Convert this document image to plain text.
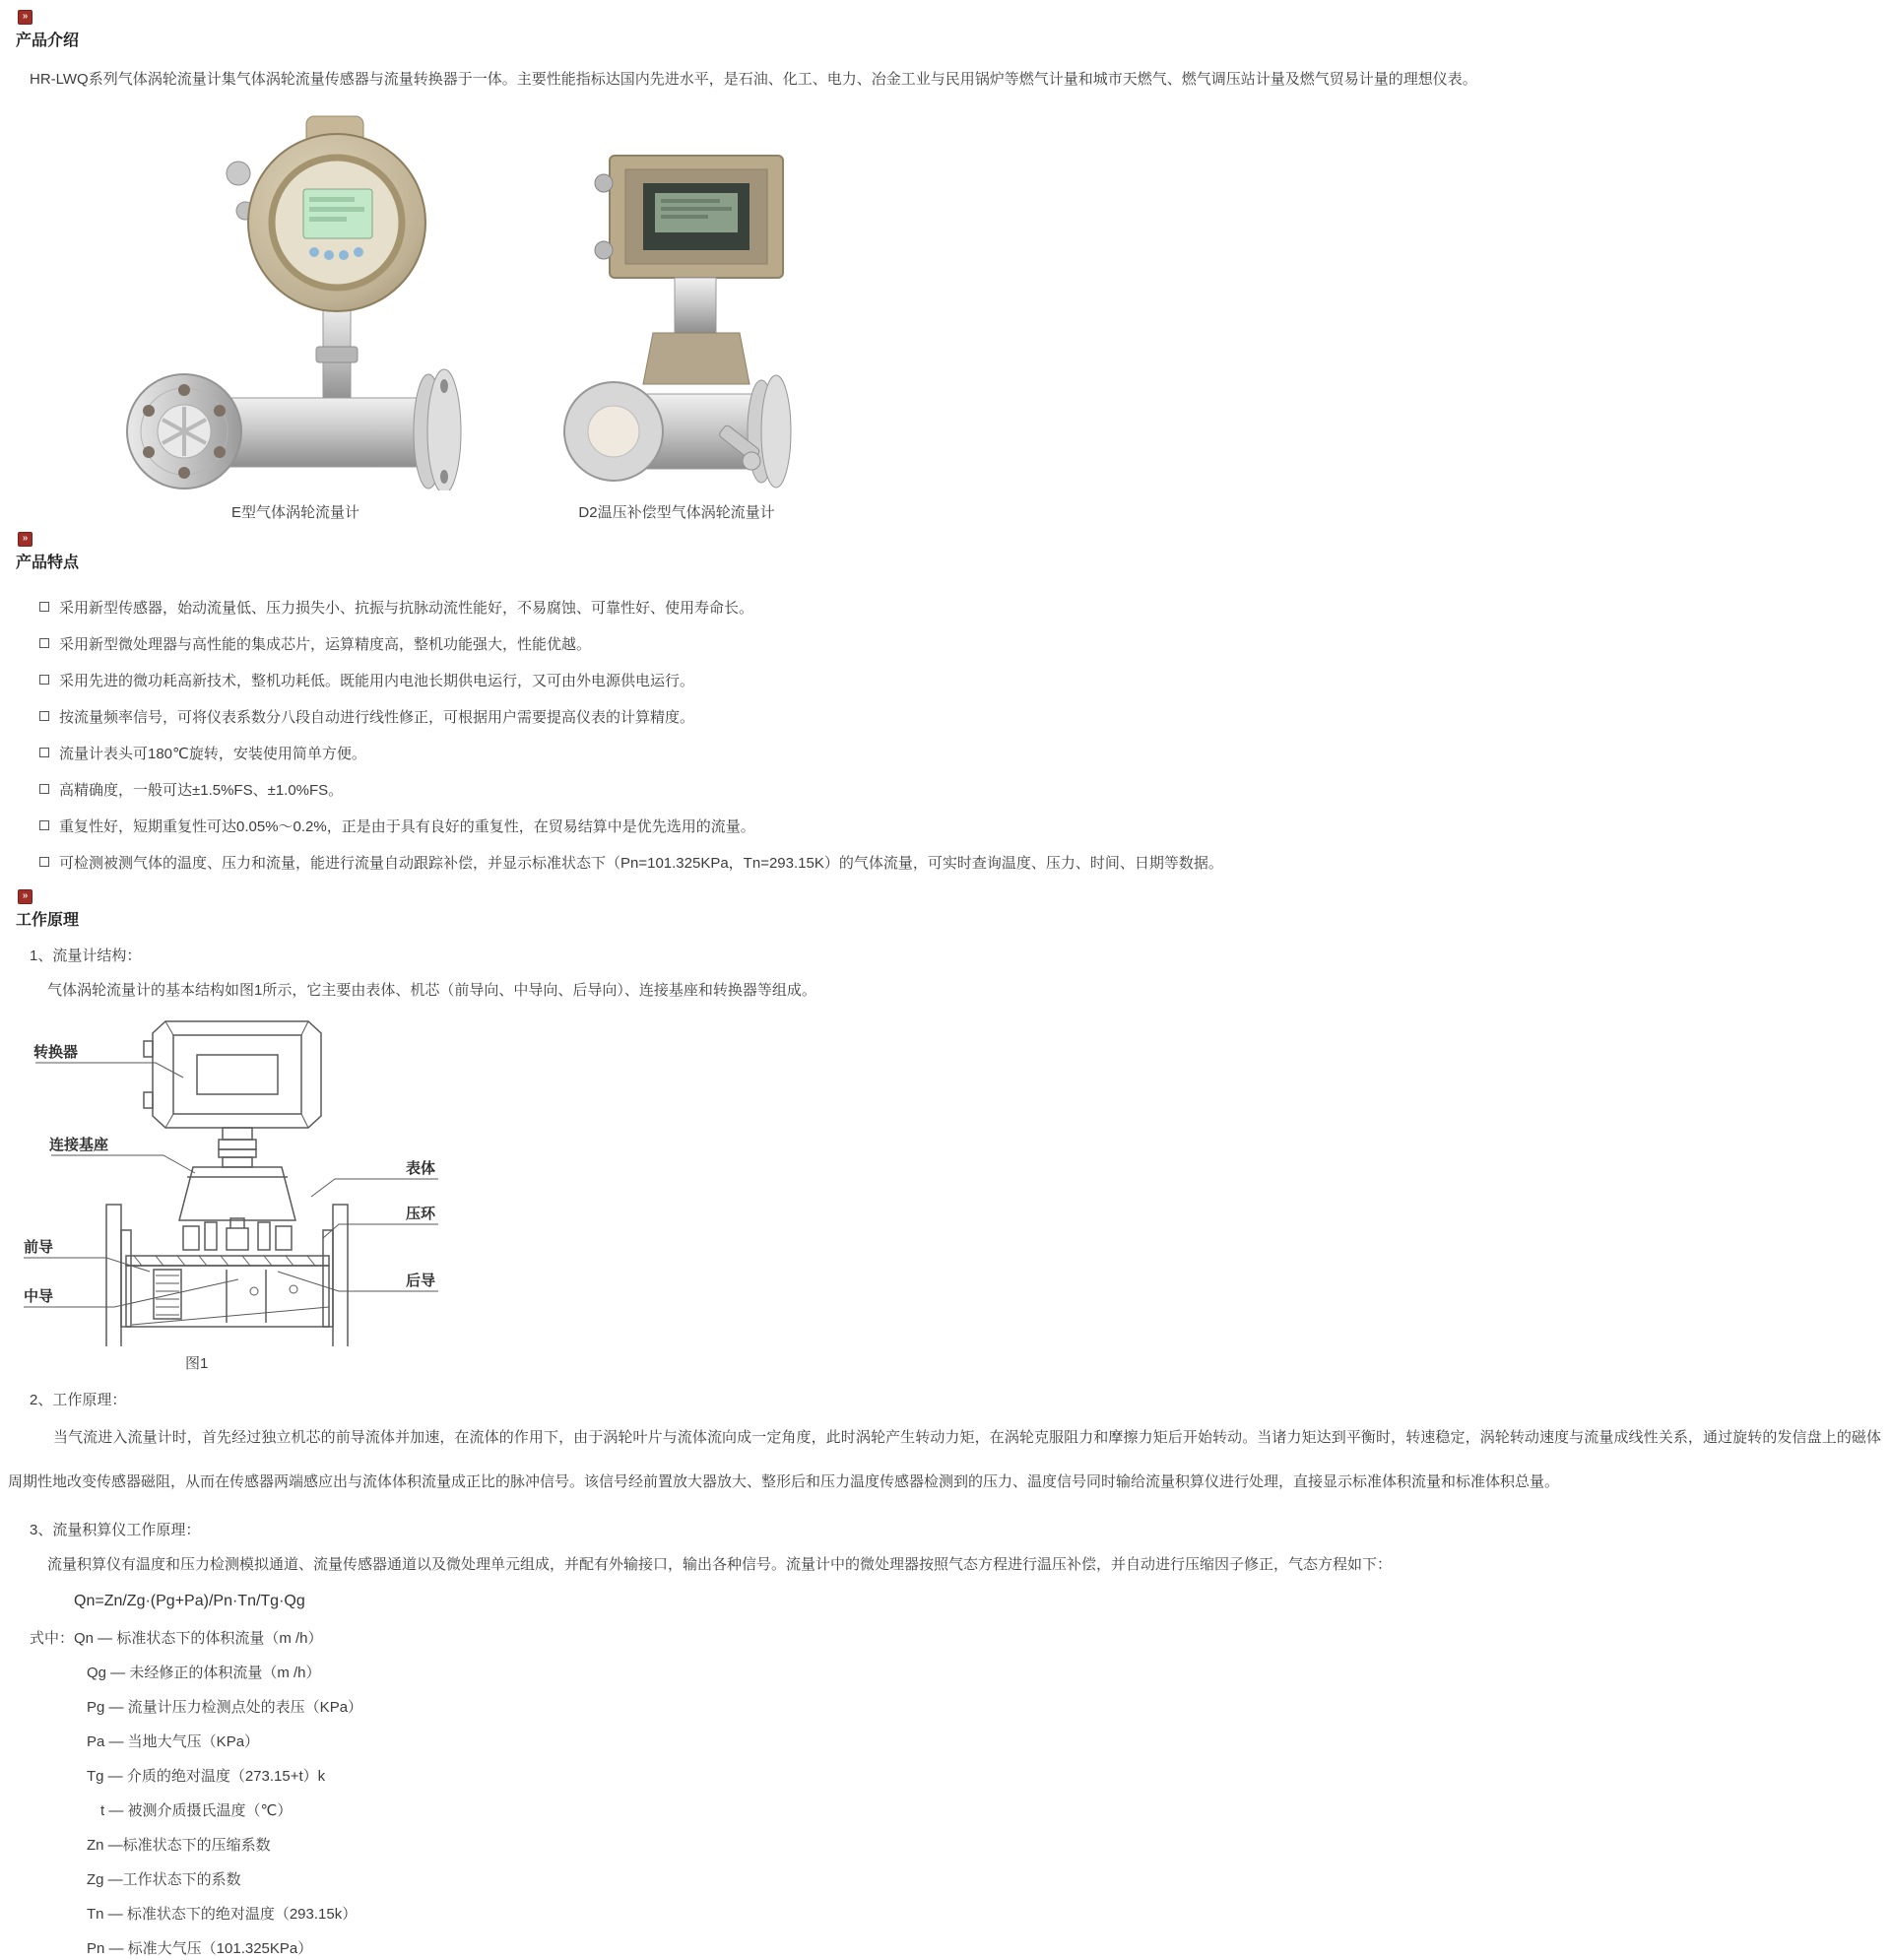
»
产品介绍
HR-LWQ系列气体涡轮流量计集气体涡轮流量传感器与流量转换器于一体。主要性能指标达国内先进水平，是石油、化工、电力、冶金工业与民用锅炉等燃气计量和城市天燃气、燃气调压站计量及燃气贸易计量的理想仪表。
E型气体涡轮流量计	D2温压补偿型气体涡轮流量计
»
产品特点
采用新型传感器，始动流量低、压力损失小、抗振与抗脉动流性能好，不易腐蚀、可靠性好、使用寿命长。
采用新型微处理器与高性能的集成芯片，运算精度高，整机功能强大，性能优越。
采用先进的微功耗高新技术，整机功耗低。既能用内电池长期供电运行，又可由外电源供电运行。
按流量频率信号，可将仪表系数分八段自动进行线性修正，可根据用户需要提高仪表的计算精度。
流量计表头可180℃旋转，安装使用简单方便。
高精确度，一般可达±1.5%FS、±1.0%FS。
重复性好，短期重复性可达0.05%～0.2%，正是由于具有良好的重复性，在贸易结算中是优先选用的流量。
可检测被测气体的温度、压力和流量，能进行流量自动跟踪补偿，并显示标准状态下（Pn=101.325KPa，Tn=293.15K）的气体流量，可实时查询温度、压力、时间、日期等数据。
»
工作原理
1、流量计结构：
气体涡轮流量计的基本结构如图1所示，它主要由表体、机芯（前导向、中导向、后导向）、连接基座和转换器等组成。
转换器
连接基座
表体
压环
前导
中导
后导
图1
2、工作原理：
当气流进入流量计时，首先经过独立机芯的前导流体并加速，在流体的作用下，由于涡轮叶片与流体流向成一定角度，此时涡轮产生转动力矩，在涡轮克服阻力和摩擦力矩后开始转动。当诸力矩达到平衡时，转速稳定，涡轮转动速度与流量成线性关系，通过旋转的发信盘上的磁体周期性地改变传感器磁阻，从而在传感器两端感应出与流体体积流量成正比的脉冲信号。该信号经前置放大器放大、整形后和压力温度传感器检测到的压力、温度信号同时输给流量积算仪进行处理，直接显示标准体积流量和标准体积总量。
3、流量积算仪工作原理：
流量积算仪有温度和压力检测模拟通道、流量传感器通道以及微处理单元组成，并配有外输接口，输出各种信号。流量计中的微处理器按照气态方程进行温压补偿，并自动进行压缩因子修正，气态方程如下：
Qn=Zn/Zg·(Pg+Pa)/Pn·Tn/Tg·Qg
式中：Qn — 标准状态下的体积流量（m /h）
Qg — 未经修正的体积流量（m /h）
Pg — 流量计压力检测点处的表压（KPa）
Pa — 当地大气压（KPa）
Tg — 介质的绝对温度（273.15+t）k
t — 被测介质摄氏温度（℃）
Zn —标准状态下的压缩系数
Zg —工作状态下的系数
Tn — 标准状态下的绝对温度（293.15k）
Pn — 标准大气压（101.325KPa）
